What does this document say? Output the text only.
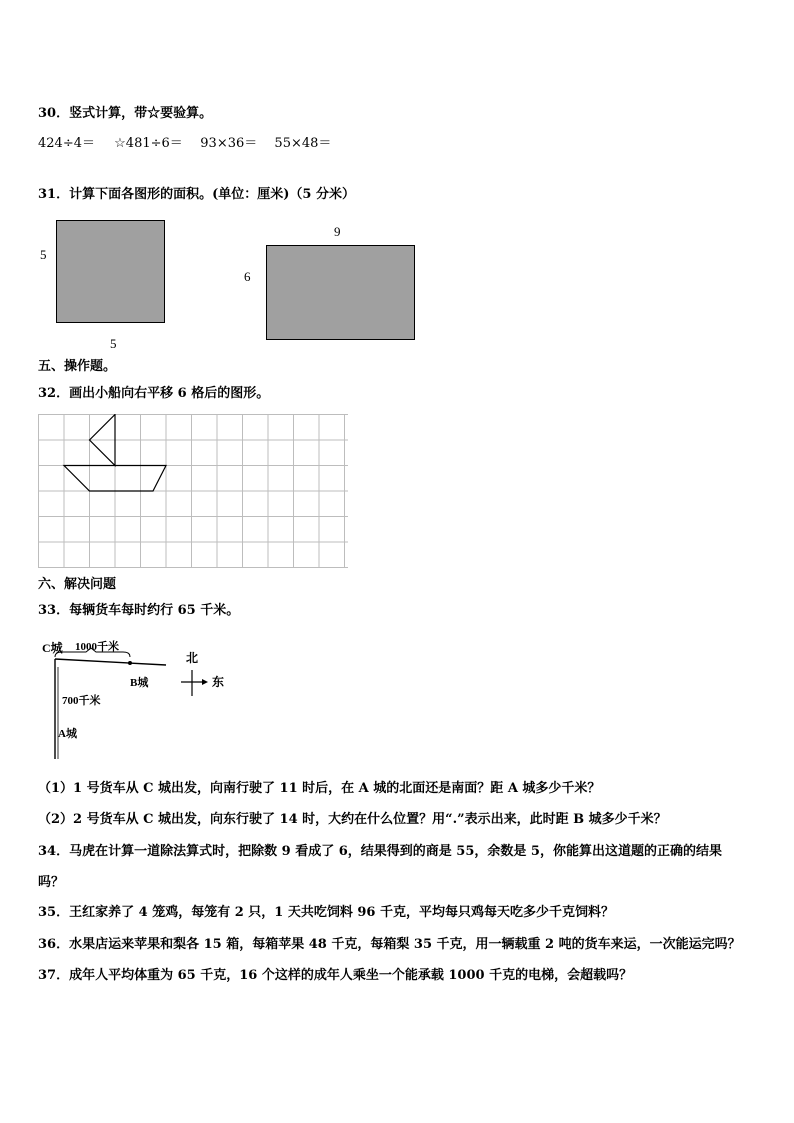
30．竖式计算，带☆要验算。
424÷4＝ ☆481÷6＝ 93×36＝ 55×48＝
31．计算下面各图形的面积。(单位：厘米)（5 分米）
5
5
9
6
五、操作题。
32．画出小船向右平移 6 格后的图形。
六、解决问题
33．每辆货车每时约行 65 千米。
C城 1000千米
B城
700千米
A城
北
东
（1）1 号货车从 C 城出发，向南行驶了 11 时后，在 A 城的北面还是南面？距 A 城多少千米？
（2）2 号货车从 C 城出发，向东行驶了 14 时，大约在什么位置？用“.”表示出来，此时距 B 城多少千米？
34．马虎在计算一道除法算式时，把除数 9 看成了 6，结果得到的商是 55，余数是 5，你能算出这道题的正确的结果
吗？
35．王红家养了 4 笼鸡，每笼有 2 只，1 天共吃饲料 96 千克，平均每只鸡每天吃多少千克饲料？
36．水果店运来苹果和梨各 15 箱，每箱苹果 48 千克，每箱梨 35 千克，用一辆载重 2 吨的货车来运，一次能运完吗？
37．成年人平均体重为 65 千克，16 个这样的成年人乘坐一个能承载 1000 千克的电梯，会超载吗？
